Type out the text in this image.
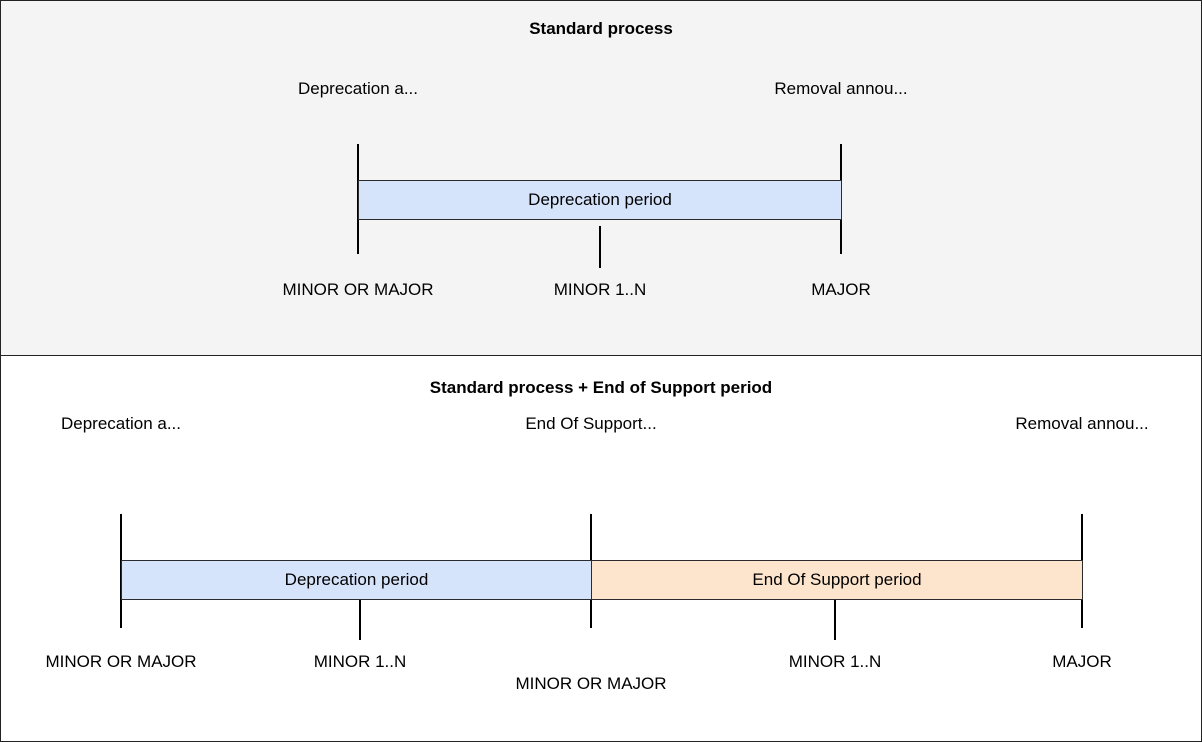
Standard process
Deprecation a...	Removal annou...
Deprecation period
MINOR OR MAJOR	MINOR 1..N	MAJOR
Standard process + End of Support period
Deprecation a...	End Of Support...	Removal annou...
Deprecation period	End Of Support period
MINOR OR MAJOR	MINOR 1..N
MINOR OR MAJOR
MINOR 1..N	MAJOR
